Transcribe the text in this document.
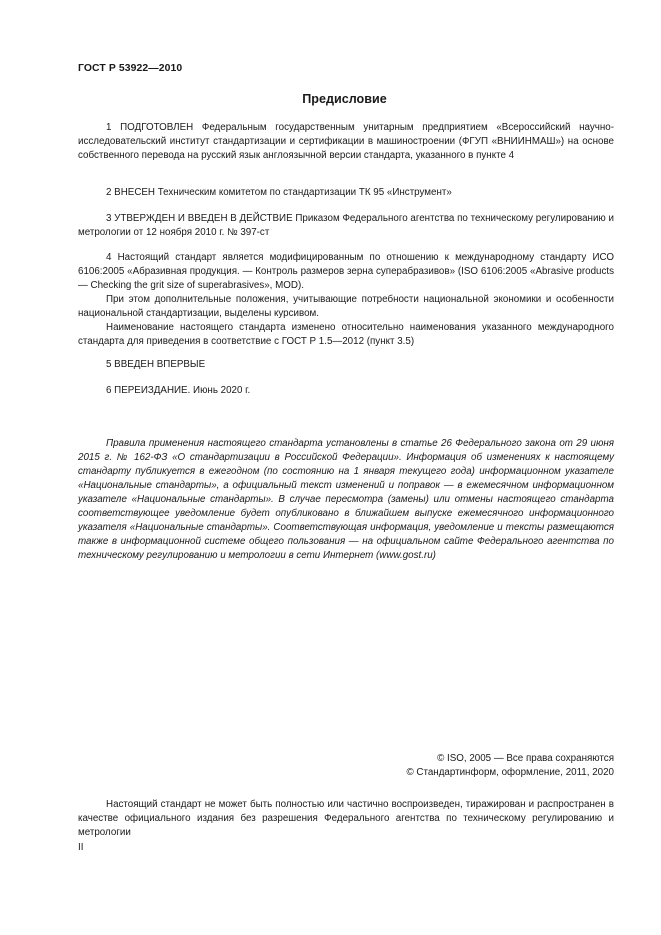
ГОСТ Р 53922—2010
Предисловие

1 ПОДГОТОВЛЕН Федеральным государственным унитарным предприятием «Всероссийский научно-исследовательский институт стандартизации и сертификации в машиностроении (ФГУП «ВНИИНМАШ») на основе собственного перевода на русский язык англоязычной версии стандарта, указанного в пункте 4

2 ВНЕСЕН Техническим комитетом по стандартизации ТК 95 «Инструмент»

3 УТВЕРЖДЕН И ВВЕДЕН В ДЕЙСТВИЕ Приказом Федерального агентства по техническому регулированию и метрологии от 12 ноября 2010 г. № 397-ст

4 Настоящий стандарт является модифицированным по отношению к международному стандарту ИСО 6106:2005 «Абразивная продукция. — Контроль размеров зерна суперабразивов» (ISO 6106:2005 «Abrasive products — Checking the grit size of superabrasives», MOD).

При этом дополнительные положения, учитывающие потребности национальной экономики и особенности национальной стандартизации, выделены курсивом.

Наименование настоящего стандарта изменено относительно наименования указанного международного стандарта для приведения в соответствие с ГОСТ Р 1.5—2012 (пункт 3.5)

5 ВВЕДЕН ВПЕРВЫЕ

6 ПЕРЕИЗДАНИЕ. Июнь 2020 г.

Правила применения настоящего стандарта установлены в статье 26 Федерального закона от 29 июня 2015 г. № 162-ФЗ «О стандартизации в Российской Федерации». Информация об изменениях к настоящему стандарту публикуется в ежегодном (по состоянию на 1 января текущего года) информационном указателе «Национальные стандарты», а официальный текст изменений и поправок — в ежемесячном информационном указателе «Национальные стандарты». В случае пересмотра (замены) или отмены настоящего стандарта соответствующее уведомление будет опубликовано в ближайшем выпуске ежемесячного информационного указателя «Национальные стандарты». Соответствующая информация, уведомление и тексты размещаются также в информационной системе общего пользования — на официальном сайте Федерального агентства по техническому регулированию и метрологии в сети Интернет (www.gost.ru)

© ISO, 2005 — Все права сохраняются
© Стандартинформ, оформление, 2011, 2020

Настоящий стандарт не может быть полностью или частично воспроизведен, тиражирован и распространен в качестве официального издания без разрешения Федерального агентства по техническому регулированию и метрологии

II
